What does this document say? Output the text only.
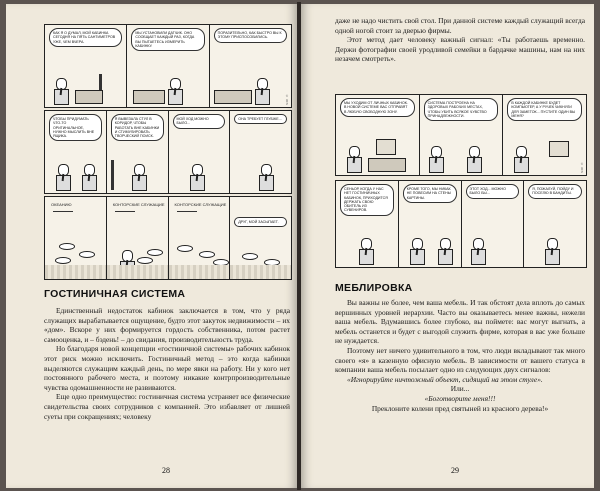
КАК Я О ДУМАЛ, МОЙ КАБИНКА СЕГОДНЯ НА ПЯТЬ САНТИМЕТРОВ УЖЕ, ЧЕМ ВЧЕРА.
МЫ УСТАНОВИЛИ ДАТЧИК. ОНО СООБЩАЕТ КАЖДЫЙ РАЗ, КОГДА ВЫ ПЫТАЕТЕСЬ ИЗМЕРИТЬ КАБИНКУ.
ПОРАЗИТЕЛЬНО, КАК БЫСТРО ВЫ К ЭТОМУ ПРИСПОСОБИЛИСЬ.
© UFS
ЧТОБЫ ПРИДУМАТЬ ЧТО-ТО ОРИГИНАЛЬНОЕ, НУЖНО МЫСЛИТЬ ВНЕ ЯЩИКА.
Я ВЫВЕЗАЛА СТУЛ В КОРИДОР, ЧТОБЫ РАБОТАТЬ ВНЕ КАБИНКИ И СТИМУЛИРОВАТЬ ТВОРЧЕСКИЙ ПОИСК.
МОЙ ХОД МОЖНО БЫЛО...
ОНА ТРЕБУЕТ ГЛУБЖЕ...
ОКЕАНИЮ	КОНТОРСКИЕ СЛУЖАЩИЕ	КОНТОРСКИЕ СЛУЖАЩИЕ
ДРУГ, МОЙ ЗАСЫПАЕТ.
ГОСТИНИЧНАЯ СИСТЕМА

Единственный недостаток кабинок заключается в том, что у ряда служащих вырабатывается ощущение, будто этот закуток недвижимости – их «дом». Вскоре у них формируется гордость собственника, потом растет самооценка, и – бэдень! – до свидания, производительность труда.

Но благодаря новой концепции «гостиничной системы» рабочих кабинок этот риск можно исключить. Гостиничный метод – это когда кабинки выделяются служащим каждый день, по мере явки на работу. Ни у кого нет постоянного рабочего места, и поэтому никакие контрпроизводительные чувства одомашненности не развиваются.

Еще одно преимущество: гостиничная система устраняет все физические свидетельства своих сотрудников с компанией. Это избавляет от лишней суеты при сокращениях; человеку

28

даже не надо чистить свой стол. При данной системе каждый служащий всегда одной ногой стоит за дверью фирмы.

Этот метод дает человеку важный сигнал: «Ты работаешь временно. Держи фотографии своей уродливой семейки в бардачке машины, нам на них незачем смотреть».

МЫ УХОДИМ ОТ ЛИЧНЫХ КАБИНОК. В НОВОЙ СИСТЕМЕ ВАС ОТПРАВЯТ В ЛЮБУЮ СВОБОДНУЮ ЗОНУ.
СИСТЕМА ПОСТРОЕНА НА ЗДОРОВЫХ РАБОЧИХ МЕСТАХ, ЧТОБЫ УБИТЬ ВСЯКОЕ ЧУВСТВО ПРИНАДЛЕЖНОСТИ.
В КАЖДОЙ КАБИНКЕ БУДЕТ КОМПЬЮТЕР, А У РУЧЕК ЧИКНУЛИ ДЛЯ ЗАМЕТОК... ПУСТИТЕ ОДИН ВЫ МЕНЯ?
© UFS
СЕНЬОР, КОГДА У НАС НЕТ ГОСТИНИЧНЫХ КАБИНОК, ПРИХОДИТСЯ ДЕРЖАТЬ СВОЮ ОБИТЕЛЬ ИЗ СУВЕНИРОВ.
КРОМЕ ТОГО, МЫ НИКАК НЕ ПОВЕСИМ НА СТЕНЫ КАРТИНЫ.
ЭТОТ ХОД... МОЖНО БЫЛО БЫ...
Я, ПОЖАЛУЙ, ПОЙДУ И ПОСЕЛЮ В БАНДИТЫ.
МЕБЛИРОВКА

Вы важны не более, чем ваша мебель. И так обстоят дела вплоть до самых вершинных уровней иерархии. Часто вы оказываетесь менее важны, нежели ваша мебель. Вдумавшись более глубоко, вы поймете: вас могут выгнать, а мебель останется и будет с выгодой служить фирме, которая в вас уже больше не нуждается.

Поэтому нет ничего удивительного в том, что люди вкладывают так много своего «я» в казенную офисную мебель. В зависимости от вашего статуса в компании ваша мебель посылает одно из следующих двух сигналов:

«Игнорируйте ничтожный объект, сидящий на этом стуле».

Или...

«Боготворите меня!!!

Преклоните колени пред святыней из красного дерева!»

29
